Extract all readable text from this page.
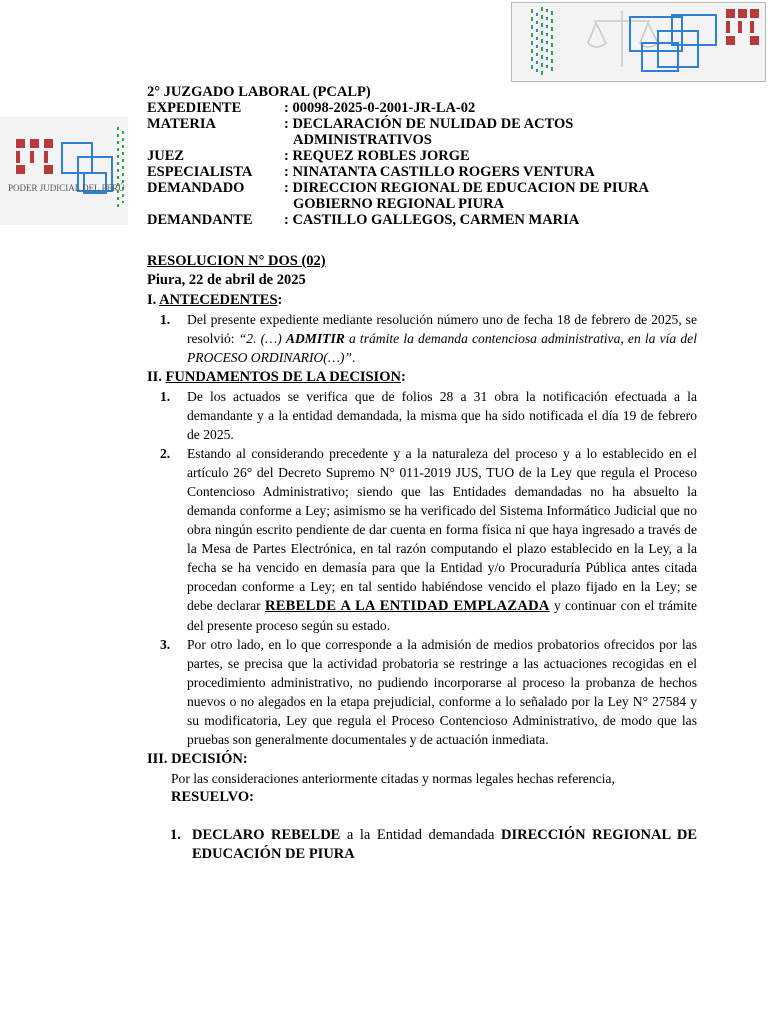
PODER JUDICIAL DEL PERÚ
2° JUZGADO LABORAL (PCALP)
EXPEDIENTE	: 00098-2025-0-2001-JR-LA-02
MATERIA	: DECLARACIÓN DE NULIDAD DE ACTOS
ADMINISTRATIVOS
JUEZ	: REQUEZ ROBLES JORGE
ESPECIALISTA	: NINATANTA CASTILLO ROGERS VENTURA
DEMANDADO	: DIRECCION REGIONAL DE EDUCACION DE PIURA
GOBIERNO REGIONAL PIURA
DEMANDANTE	: CASTILLO GALLEGOS, CARMEN MARIA
RESOLUCION N° DOS (02)
Piura, 22 de abril de 2025
I. ANTECEDENTES:
1.	Del presente expediente mediante resolución número uno de fecha 18 de febrero de 2025, se resolvió: “2. (…) ADMITIR a trámite la demanda contenciosa administrativa, en la vía del PROCESO ORDINARIO(…)”.
II. FUNDAMENTOS DE LA DECISION:
1.	De los actuados se verifica que de folios 28 a 31 obra la notificación efectuada a la demandante y a la entidad demandada, la misma que ha sido notificada el día 19 de febrero de 2025.
2.	Estando al considerando precedente y a la naturaleza del proceso y a lo establecido en el artículo 26° del Decreto Supremo N° 011-2019 JUS, TUO de la Ley que regula el Proceso Contencioso Administrativo; siendo que las Entidades demandadas no ha absuelto la demanda conforme a Ley; asimismo se ha verificado del Sistema Informático Judicial que no obra ningún escrito pendiente de dar cuenta en forma física ni que haya ingresado a través de la Mesa de Partes Electrónica, en tal razón computando el plazo establecido en la Ley, a la fecha se ha vencido en demasía para que la Entidad y/o Procuraduría Pública antes citada procedan conforme a Ley; en tal sentido habiéndose vencido el plazo fijado en la Ley; se debe declarar REBELDE A LA ENTIDAD EMPLAZADA y continuar con el trámite del presente proceso según su estado.
3.	Por otro lado, en lo que corresponde a la admisión de medios probatorios ofrecidos por las partes, se precisa que la actividad probatoria se restringe a las actuaciones recogidas en el procedimiento administrativo, no pudiendo incorporarse al proceso la probanza de hechos nuevos o no alegados en la etapa prejudicial, conforme a lo señalado por la Ley N° 27584 y su modificatoria, Ley que regula el Proceso Contencioso Administrativo, de modo que las pruebas son generalmente documentales y de actuación inmediata.
III. DECISIÓN:
Por las consideraciones anteriormente citadas y normas legales hechas referencia,
RESUELVO:
1. DECLARO REBELDE a la Entidad demandada DIRECCIÓN REGIONAL DE EDUCACIÓN DE PIURA
